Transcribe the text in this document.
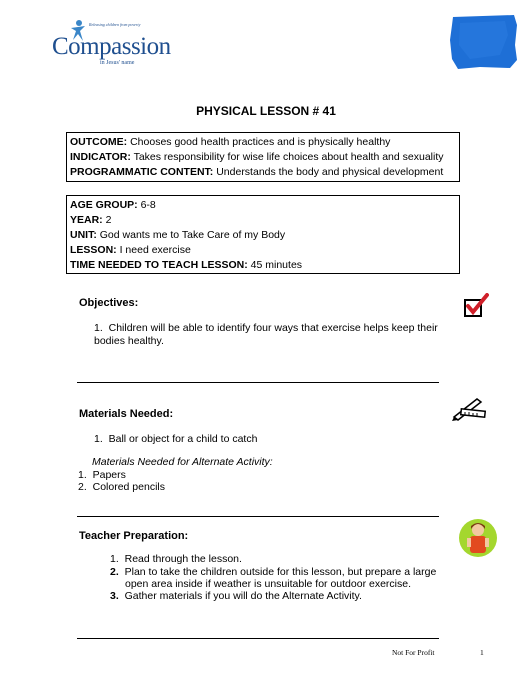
Releasing children from poverty
Compassion
in Jesus' name
PHYSICAL LESSON # 41
OUTCOME: Chooses good health practices and is physically healthy
INDICATOR: Takes responsibility for wise life choices about health and sexuality
PROGRAMMATIC CONTENT: Understands the body and physical development
AGE GROUP: 6-8
YEAR: 2
UNIT: God wants me to Take Care of my Body
LESSON: I need exercise
TIME NEEDED TO TEACH LESSON: 45 minutes
Objectives:
1. Children will be able to identify four ways that exercise helps keep their
bodies healthy.
Materials Needed:
1. Ball or object for a child to catch
Materials Needed for Alternate Activity:
1. Papers
2. Colored pencils
Teacher Preparation:
1. Read through the lesson.
2. Plan to take the children outside for this lesson, but prepare a large
open area inside if weather is unsuitable for outdoor exercise.
3. Gather materials if you will do the Alternate Activity.
Not For Profit	1
